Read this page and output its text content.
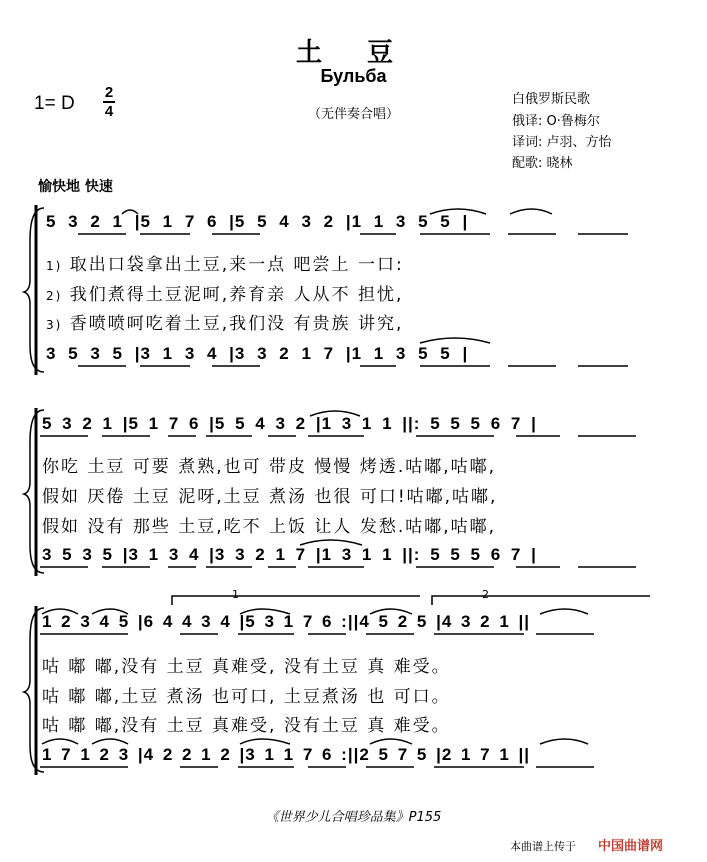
土 豆
Бульба
（无伴奏合唱）
1= D
2
4
白俄罗斯民歌
俄译: O·鲁梅尔
译词: 卢羽、方怡
配歌: 晓林
愉快地 快速
5 3 2 1 |5 1 7 6 |5 5 4 3 2 |1 1 3 5 5 |
1) 取出口袋拿出土豆,来一点 吧尝上 一口:
2) 我们煮得土豆泥呵,养育亲 人从不 担忧,
3) 香喷喷呵吃着土豆,我们没 有贵族 讲究,
3 5 3 5 |3 1 3 4 |3 3 2 1 7 |1 1 3 5 5 |
5 3 2 1 |5 1 7 6 |5 5 4 3 2 |1 3 1 1 ||: 5 5 5 6 7 |
你吃 土豆 可要 煮熟,也可 带皮 慢慢 烤透.咕嘟,咕嘟,
假如 厌倦 土豆 泥呀,土豆 煮汤 也很 可口!咕嘟,咕嘟,
假如 没有 那些 土豆,吃不 上饭 让人 发愁.咕嘟,咕嘟,
3 5 3 5 |3 1 3 4 |3 3 2 1 7 |1 3 1 1 ||: 5 5 5 6 7 |
1	2
1 2 3 4 5 |6 4 4 3 4 |5 3 1 7 6 :||4 5 2 5 |4 3 2 1 ||
咕 嘟 嘟,没有 土豆 真难受, 没有土豆 真 难受。
咕 嘟 嘟,土豆 煮汤 也可口, 土豆煮汤 也 可口。
咕 嘟 嘟,没有 土豆 真难受, 没有土豆 真 难受。
1 7 1 2 3 |4 2 2 1 2 |3 1 1 7 6 :||2 5 7 5 |2 1 7 1 ||
《世界少儿合唱珍品集》P155
本曲谱上传于 中国曲谱网
